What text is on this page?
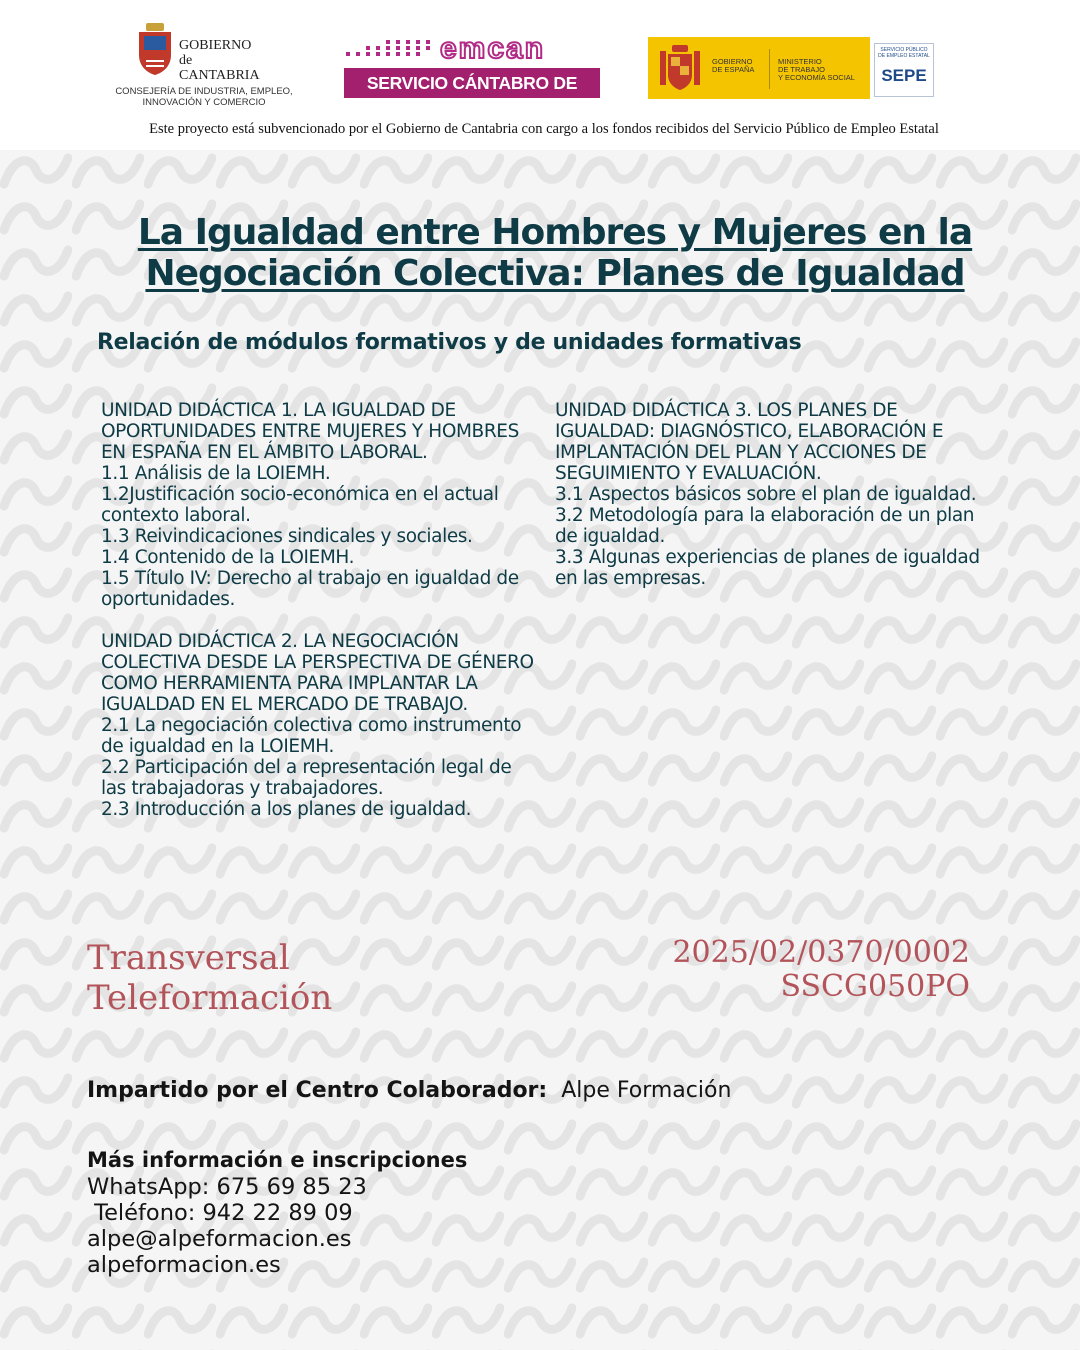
GOBIERNO
de
CANTABRIA
CONSEJERÍA DE INDUSTRIA, EMPLEO,
INNOVACIÓN Y COMERCIO
emcan
SERVICIO CÁNTABRO DE EMPLEO
GOBIERNO
DE ESPAÑA
MINISTERIO
DE TRABAJO
Y ECONOMÍA SOCIAL
SERVICIO PÚBLICO
DE EMPLEO ESTATAL
SEPE
Este proyecto está subvencionado por el Gobierno de Cantabria con cargo a los fondos recibidos del Servicio Público de Empleo Estatal
La Igualdad entre Hombres y Mujeres en la Negociación Colectiva: Planes de Igualdad
Relación de módulos formativos y de unidades formativas
UNIDAD DIDÁCTICA 1. LA IGUALDAD DE OPORTUNIDADES ENTRE MUJERES Y HOMBRES EN ESPAÑA EN EL ÁMBITO LABORAL.
1.1 Análisis de la LOIEMH.
1.2Justificación socio-económica en el actual contexto laboral.
1.3 Reivindicaciones sindicales y sociales.
1.4 Contenido de la LOIEMH.
1.5 Título IV: Derecho al trabajo en igualdad de oportunidades.
UNIDAD DIDÁCTICA 2. LA NEGOCIACIÓN COLECTIVA DESDE LA PERSPECTIVA DE GÉNERO COMO HERRAMIENTA PARA IMPLANTAR LA IGUALDAD EN EL MERCADO DE TRABAJO.
2.1 La negociación colectiva como instrumento de igualdad en la LOIEMH.
2.2 Participación del a representación legal de las trabajadoras y trabajadores.
2.3 Introducción a los planes de igualdad.
UNIDAD DIDÁCTICA 3. LOS PLANES DE IGUALDAD: DIAGNÓSTICO, ELABORACIÓN E IMPLANTACIÓN DEL PLAN Y ACCIONES DE SEGUIMIENTO Y EVALUACIÓN.
3.1 Aspectos básicos sobre el plan de igualdad.
3.2 Metodología para la elaboración de un plan de igualdad.
3.3 Algunas experiencias de planes de igualdad en las empresas.
Transversal
Teleformación
2025/02/0370/0002
SSCG050PO
Impartido por el Centro Colaborador: Alpe Formación
Más información e inscripciones
WhatsApp: 675 69 85 23
Teléfono: 942 22 89 09
alpe@alpeformacion.es
alpeformacion.es
